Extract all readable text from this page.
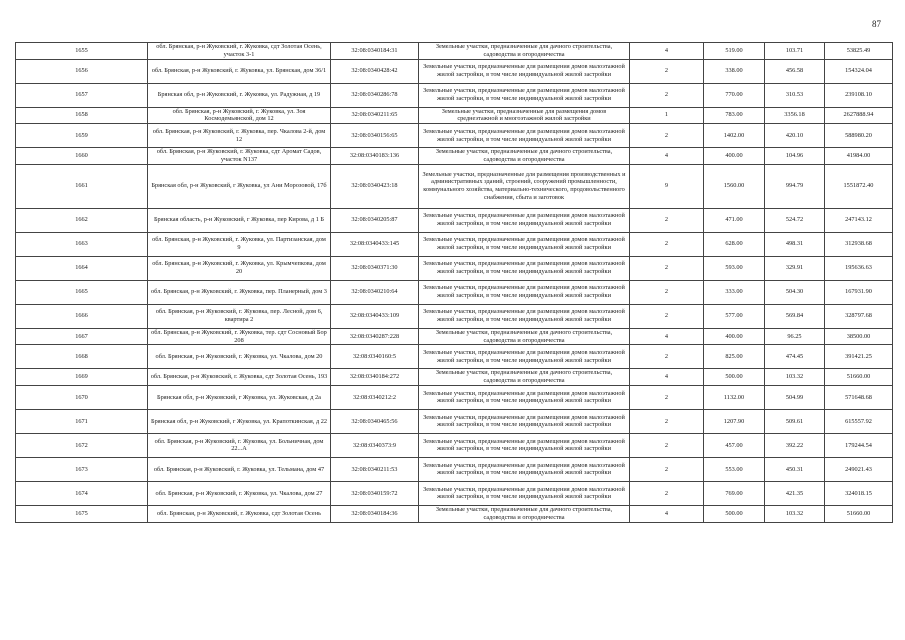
87
1655	обл. Брянская, р-н Жуковский, г. Жуковка, сдт Золотая Осень, участок 3-1	32:08:0340184:31	Земельные участки, предназначенные для дачного строительства, садоводства и огородничества	4	519.00	103.71	53825.49
1656	обл. Брянская, р-н Жуковский, г. Жуковка, ул. Брянская, дом 36/1	32:08:0340428:42	Земельные участки, предназначенные для размещения домов малоэтажной жилой застройки, в том числе индивидуальной жилой застройки	2	338.00	456.58	154324.04
1657	Брянская обл, р-н Жуковский, г. Жуковка, ул. Радужная, д 19	32:08:0340286:78	Земельные участки, предназначенные для размещения домов малоэтажной жилой застройки, в том числе индивидуальной жилой застройки	2	770.00	310.53	239108.10
1658	обл. Брянская, р-н Жуковский, г. Жуковка, ул. Зоя Космодемьянской, дом 12	32:08:0340211:65	Земельные участки, предназначенные для размещения домов среднеэтажной и многоэтажной жилой застройки	1	783.00	3356.18	2627888.94
1659	обл. Брянская, р-н Жуковский, г. Жуковка, пер. Чкалова 2-й, дом 12	32:08:0340156:65	Земельные участки, предназначенные для размещения домов малоэтажной жилой застройки, в том числе индивидуальной жилой застройки	2	1402.00	420.10	588980.20
1660	обл. Брянская, р-н Жуковский, г. Жуковка, сдт Аромат Садов, участок N137	32:08:0340183:136	Земельные участки, предназначенные для дачного строительства, садоводства и огородничества	4	400.00	104.96	41984.00
1661	Брянская обл, р-н Жуковский, г Жуковка, ул Ани Морозовой, 17б	32:08:0340423:18	Земельные участки, предназначенные для размещения производственных и административных зданий, строений, сооружений промышленности, коммунального хозяйства, материально-технического, продовольственного снабжения, сбыта и заготовок	9	1560.00	994.79	1551872.40
1662	Брянская область, р-н Жуковский, г Жуковка, пер Кирова, д 1 Б	32:08:0340205:87	Земельные участки, предназначенные для размещения домов малоэтажной жилой застройки, в том числе индивидуальной жилой застройки	2	471.00	524.72	247143.12
1663	обл. Брянская, р-н Жуковский, г. Жуковка, ул. Партизанская, дом 9	32:08:0340433:145	Земельные участки, предназначенные для размещения домов малоэтажной жилой застройки, в том числе индивидуальной жилой застройки	2	628.00	498.31	312938.68
1664	обл. Брянская, р-н Жуковский, г. Жуковка, ул. Крымчепкова, дом 20	32:08:0340371:30	Земельные участки, предназначенные для размещения домов малоэтажной жилой застройки, в том числе индивидуальной жилой застройки	2	593.00	329.91	195636.63
1665	обл. Брянская, р-н Жуковский, г. Жуковка, пер. Планерный, дом 3	32:08:0340210:64	Земельные участки, предназначенные для размещения домов малоэтажной жилой застройки, в том числе индивидуальной жилой застройки	2	333.00	504.30	167931.90
1666	обл. Брянская, р-н Жуковский, г. Жуковка, пер. Лесной, дом 6, квартира 2	32:08:0340433:109	Земельные участки, предназначенные для размещения домов малоэтажной жилой застройки, в том числе индивидуальной жилой застройки	2	577.00	569.84	328797.68
1667	обл. Брянская, р-н Жуковский, г. Жуковка, тер. сдт Сосновый Бор 208	32:08:0340287:228	Земельные участки, предназначенные для дачного строительства, садоводства и огородничества	4	400.00	96.25	38500.00
1668	обл. Брянская, р-н Жуковский, г. Жуковка, ул. Чкалова, дом 20	32:08:0340160:5	Земельные участки, предназначенные для размещения домов малоэтажной жилой застройки, в том числе индивидуальной жилой застройки	2	825.00	474.45	391421.25
1669	обл. Брянская, р-н Жуковский, г. Жуковка, сдт Золотая Осень, 193	32:08:0340184:272	Земельные участки, предназначенные для дачного строительства, садоводства и огородничества	4	500.00	103.32	51660.00
1670	Брянская обл, р-н Жуковский, г Жуковка, ул. Жуковская, д 2а	32:08:0340212:2	Земельные участки, предназначенные для размещения домов малоэтажной жилой застройки, в том числе индивидуальной жилой застройки	2	1132.00	504.99	571648.68
1671	Брянская обл, р-н Жуковский, г Жуковка, ул. Крапоткинская, д 22	32:08:0340465:56	Земельные участки, предназначенные для размещения домов малоэтажной жилой застройки, в том числе индивидуальной жилой застройки	2	1207.90	509.61	615557.92
1672	обл. Брянская, р-н Жуковский, г. Жуковка, ул. Больничная, дом 22...А	32:08:0340373:9	Земельные участки, предназначенные для размещения домов малоэтажной жилой застройки, в том числе индивидуальной жилой застройки	2	457.00	392.22	179244.54
1673	обл. Брянская, р-н Жуковский, г. Жуковка, ул. Тельмана, дом 47	32:08:0340211:53	Земельные участки, предназначенные для размещения домов малоэтажной жилой застройки, в том числе индивидуальной жилой застройки	2	553.00	450.31	249021.43
1674	обл. Брянская, р-н Жуковский, г. Жуковка, ул. Чкалова, дом 27	32:08:0340159:72	Земельные участки, предназначенные для размещения домов малоэтажной жилой застройки, в том числе индивидуальной жилой застройки	2	769.00	421.35	324018.15
1675	обл. Брянская, р-н Жуковский, г. Жуковка, сдт Золотая Осень	32:08:0340184:36	Земельные участки, предназначенные для дачного строительства, садоводства и огородничества	4	500.00	103.32	51660.00
